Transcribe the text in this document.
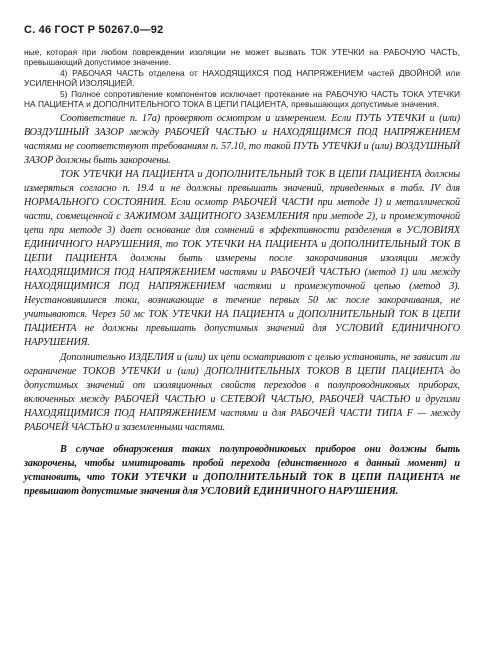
С. 46 ГОСТ Р 50267.0—92

ные, которая при любом повреждении изоляции не может вызвать ТОК УТЕЧКИ на РАБОЧУЮ ЧАСТЬ, превышающий допустимое значение.

4) РАБОЧАЯ ЧАСТЬ отделена от НАХОДЯЩИХСЯ ПОД НАПРЯЖЕНИЕМ частей ДВОЙНОЙ или УСИЛЕННОЙ ИЗОЛЯЦИЕЙ.

5) Полное сопротивление компонентов исключает протекание на РАБОЧУЮ ЧАСТЬ ТОКА УТЕЧКИ НА ПАЦИЕНТА и ДОПОЛНИТЕЛЬНОГО ТОКА В ЦЕПИ ПАЦИЕНТА, превышающих допустимые значения.

Соответствие п. 17а) проверяют осмотром и измерением. Если ПУТЬ УТЕЧКИ и (или) ВОЗДУШНЫЙ ЗАЗОР между РАБОЧЕЙ ЧАСТЬЮ и НАХОДЯЩИМСЯ ПОД НАПРЯЖЕНИЕМ частями не соответствуют требованиям п. 57.10, то такой ПУТЬ УТЕЧКИ и (или) ВОЗДУШНЫЙ ЗАЗОР должны быть закорочены.

ТОК УТЕЧКИ НА ПАЦИЕНТА и ДОПОЛНИТЕЛЬНЫЙ ТОК В ЦЕПИ ПАЦИЕНТА должны измеряться согласно п. 19.4 и не должны превышать значений, приведенных в табл. IV для НОРМАЛЬНОГО СОСТОЯНИЯ. Если осмотр РАБОЧЕЙ ЧАСТИ при методе 1) и металлической части, совмещенной с ЗАЖИМОМ ЗАЩИТНОГО ЗАЗЕМЛЕНИЯ при методе 2), и промежуточной цепи при методе 3) дает основание для сомнений в эффективности разделения в УСЛОВИЯХ ЕДИНИЧНОГО НАРУШЕНИЯ, то ТОК УТЕЧКИ НА ПАЦИЕНТА и ДОПОЛНИТЕЛЬНЫЙ ТОК В ЦЕПИ ПАЦИЕНТА должны быть измерены после закорачивания изоляции между НАХОДЯЩИМИСЯ ПОД НАПРЯЖЕНИЕМ частями и РАБОЧЕЙ ЧАСТЬЮ (метод 1) или между НАХОДЯЩИМИСЯ ПОД НАПРЯЖЕНИЕМ частями и промежуточной цепью (метод 3). Неустановившиеся токи, возникающие в течение первых 50 мс после закорачивания, не учитываются. Через 50 мс ТОК УТЕЧКИ НА ПАЦИЕНТА и ДОПОЛНИТЕЛЬНЫЙ ТОК В ЦЕПИ ПАЦИЕНТА не должны превышать допустимых значений для УСЛОВИЙ ЕДИНИЧНОГО НАРУШЕНИЯ.

Дополнительно ИЗДЕЛИЯ и (или) их цепи осматривают с целью установить, не зависит ли ограничение ТОКОВ УТЕЧКИ и (или) ДОПОЛНИТЕЛЬНЫХ ТОКОВ В ЦЕПИ ПАЦИЕНТА до допустимых значений от изоляционных свойств переходов в полупроводниковых приборах, включенных между РАБОЧЕЙ ЧАСТЬЮ и СЕТЕВОЙ ЧАСТЬЮ, РАБОЧЕЙ ЧАСТЬЮ и другими НАХОДЯЩИМИСЯ ПОД НАПРЯЖЕНИЕМ частями и для РАБОЧЕЙ ЧАСТИ ТИПА F — между РАБОЧЕЙ ЧАСТЬЮ и заземленными частями.

В случае обнаружения таких полупроводниковых приборов они должны быть закорочены, чтобы имитировать пробой перехода (единственного в данный момент) и установить, что ТОКИ УТЕЧКИ и ДОПОЛНИТЕЛЬНЫЙ ТОК В ЦЕПИ ПАЦИЕНТА не превышают допустимые значения для УСЛОВИЙ ЕДИНИЧНОГО НАРУШЕНИЯ.
